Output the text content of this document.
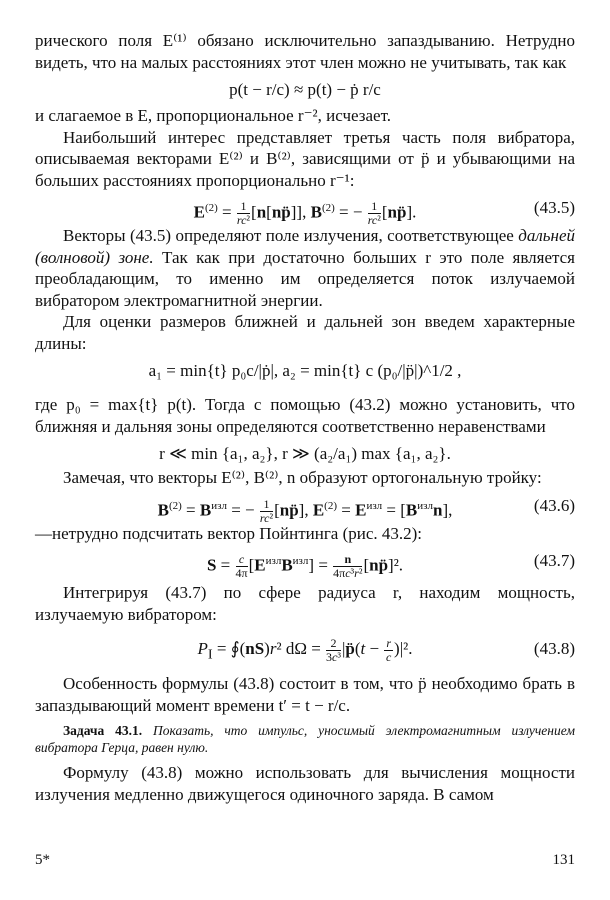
рического поля E⁽¹⁾ обязано исключительно запаздыванию. Нетрудно видеть, что на малых расстояниях этот член можно не учитывать, так как

p(t − r/c) ≈ p(t) − ṗ r/c

и слагаемое в E, пропорциональное r⁻², исчезает.

Наибольший интерес представляет третья часть поля вибратора, описываемая векторами E⁽²⁾ и B⁽²⁾, зависящими от p̈ и убывающими на больших расстояниях пропорционально r⁻¹:

$E^{(2)} = \frac{1}{\text{rc²}}$ [n[np̈]], $B^{(2)}$ = − $\frac{1}{\text{rc²}}$ [np̈].	(43.5)

Векторы (43.5) определяют поле излучения, соответствующее дальней (волновой) зоне. Так как при достаточно больших r это поле является преобладающим, то именно им определяется поток излучаемой вибратором электромагнитной энергии.

Для оценки размеров ближней и дальней зон введем характерные длины:

a₁ = min{t} p₀c/|ṗ|, a₂ = min{t} c (p₀/|p̈|)^1/2 ,

где p₀ = max{t} p(t). Тогда с помощью (43.2) можно установить, что ближняя и дальняя зоны определяются соответственно неравенствами

r ≪ min {a₁, a₂}, r ≫ (a₂/a₁) max {a₁, a₂}.

Замечая, что векторы E⁽²⁾, B⁽²⁾, n образуют ортогональную тройку:

$B^{(2)} = B^{изл}$ = − $\frac{1}{\text{rc²}}$ [np̈], $E^{(2)} = E^{изл} = [B^{изл}n]$,	(43.6)

—нетрудно подсчитать вектор Пойнтинга (рис. 43.2):

$S = \frac{c}{4\pi} [E^{изл}B^{изл}] = \frac{n}{\text{4πc³r²}}$ [np̈]².	(43.7)

Интегрируя (43.7) по сфере радиуса r, находим мощность, излучаемую вибратором:

$P_I$ = ∮(nS)r² $d\Omega = \frac{2}{\text{3c³}}$ |p̈(t − $\frac{r}{c} )|^2$.	(43.8)

Особенность формулы (43.8) состоит в том, что p̈ необходимо брать в запаздывающий момент времени t′ = t − r/c.

Задача 43.1. Показать, что импульс, уносимый электромагнитным излучением вибратора Герца, равен нулю.

Формулу (43.8) можно использовать для вычисления мощности излучения медленно движущегося одиночного заряда. В самом

5*	131
